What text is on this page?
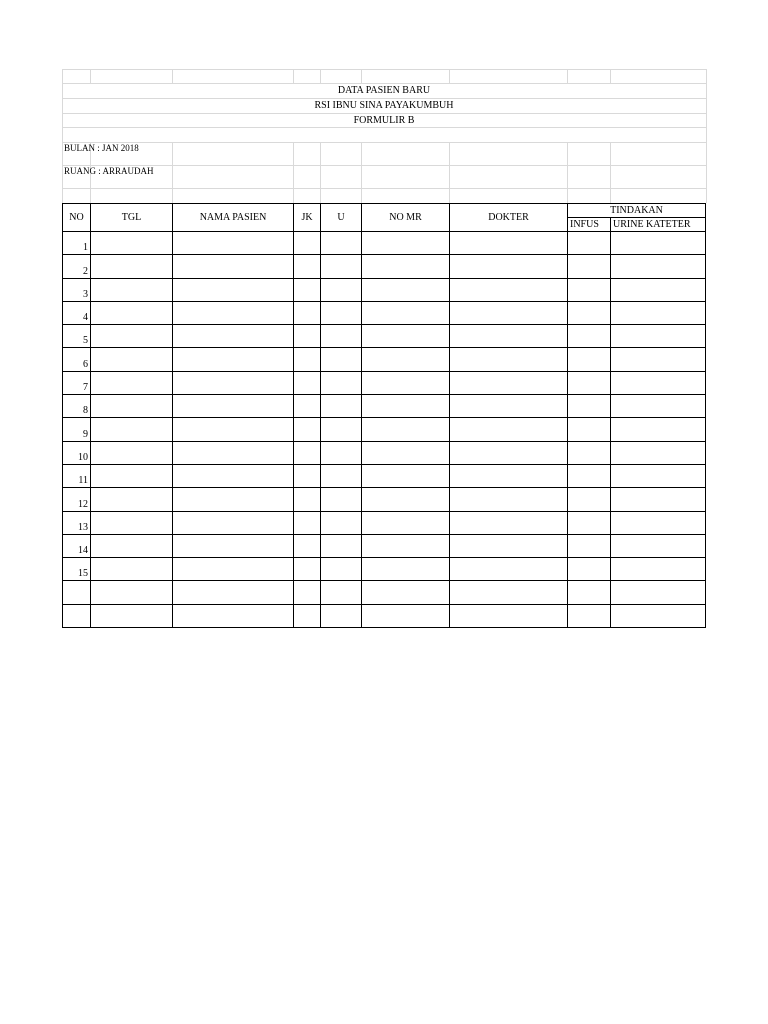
DATA PASIEN BARU
RSI IBNU SINA PAYAKUMBUH
FORMULIR B
BULAN : JAN 2018
RUANG : ARRAUDAH
NO	TGL	NAMA PASIEN	JK	U	NO MR	DOKTER	TINDAKAN	
							INFUS	URINE KATETER
1								
2								
3								
4								
5								
6								
7								
8								
9								
10								
11								
12								
13								
14								
15								
